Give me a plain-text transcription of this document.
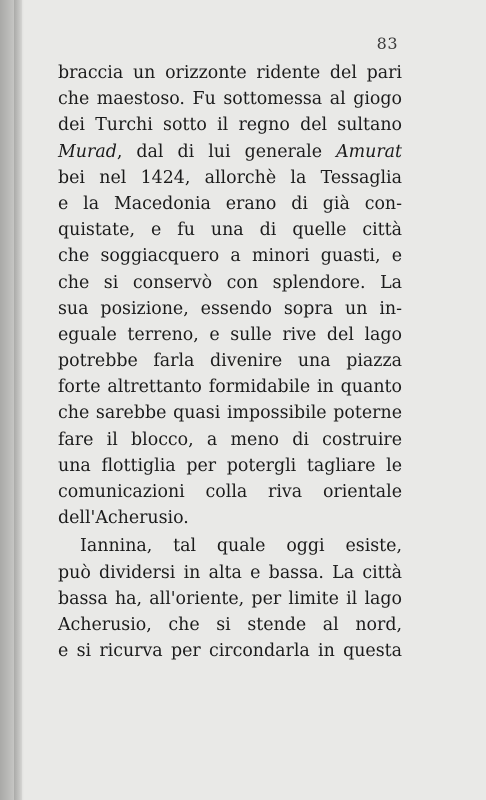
83
braccia un orizzonte ridente del pari
che maestoso. Fu sottomessa al giogo
dei Turchi sotto il regno del sultano
Murad, dal di lui generale Amurat
bei nel 1424, allorchè la Tessaglia
e la Macedonia erano di già con-
quistate, e fu una di quelle città
che soggiacquero a minori guasti, e
che si conservò con splendore. La
sua posizione, essendo sopra un in-
eguale terreno, e sulle rive del lago
potrebbe farla divenire una piazza
forte altrettanto formidabile in quanto
che sarebbe quasi impossibile poterne
fare il blocco, a meno di costruire
una flottiglia per potergli tagliare le
comunicazioni colla riva orientale
dell'Acherusio.
Iannina, tal quale oggi esiste,
può dividersi in alta e bassa. La città
bassa ha, all'oriente, per limite il lago
Acherusio, che si stende al nord,
e si ricurva per circondarla in questa
